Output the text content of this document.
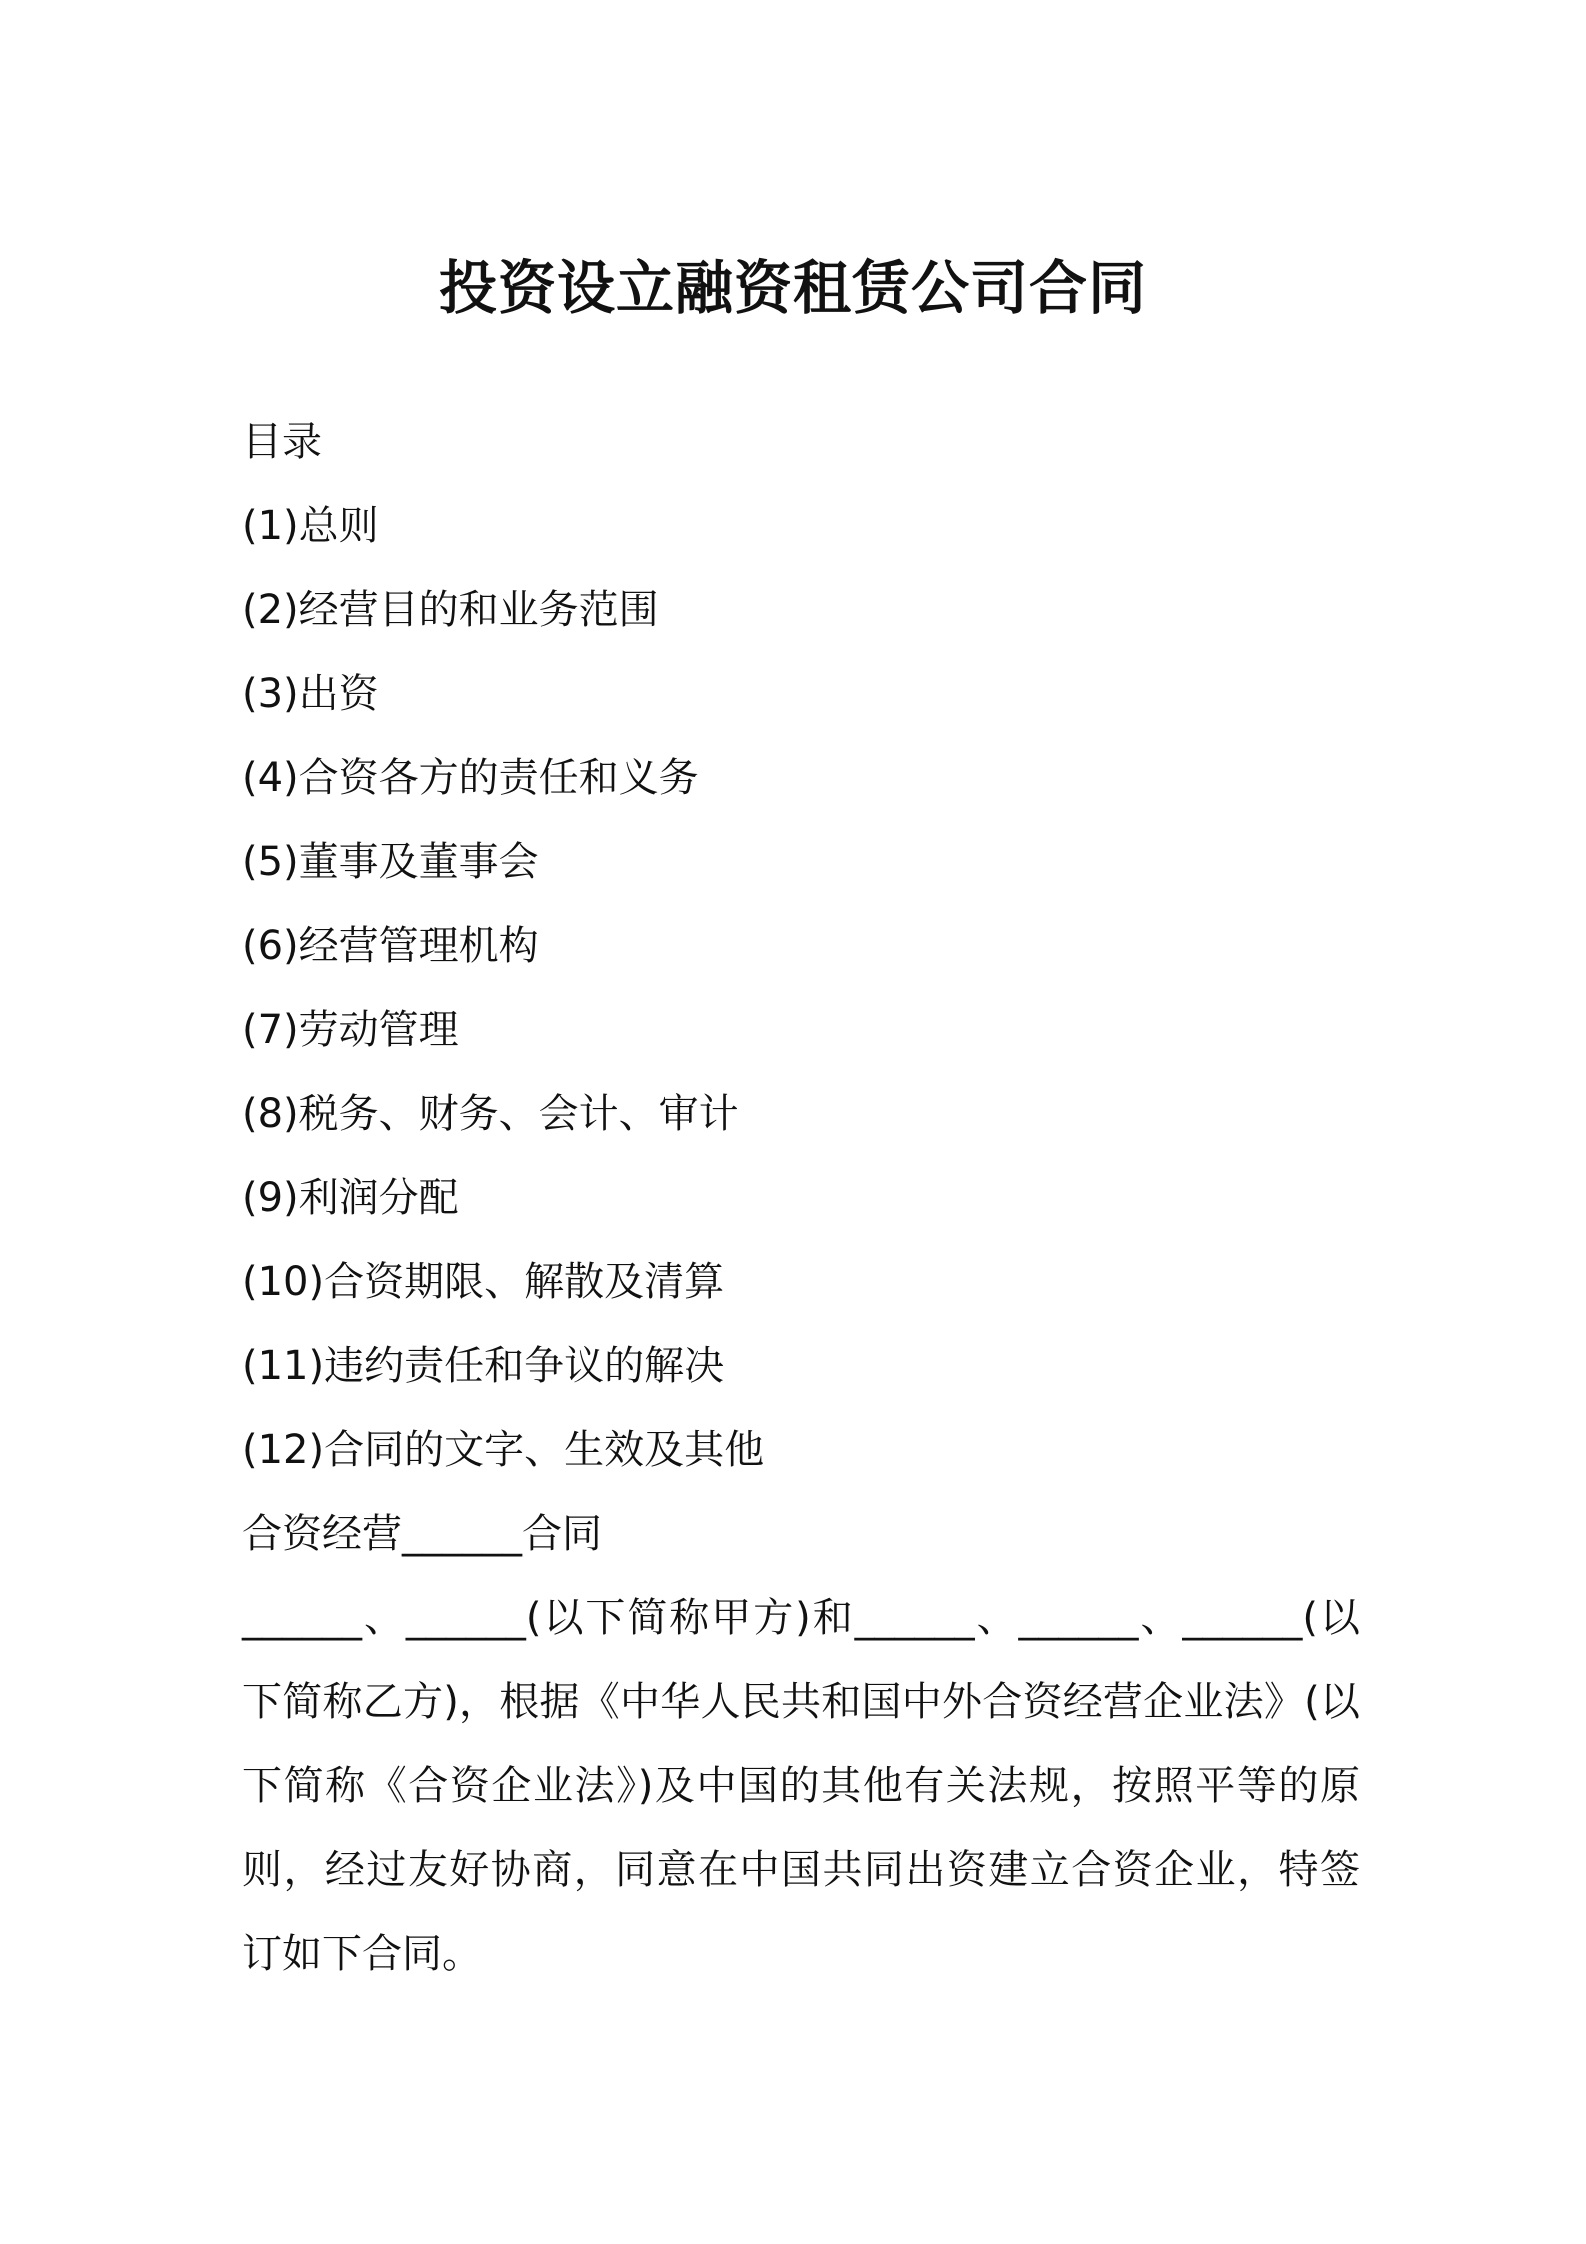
投资设立融资租赁公司合同
目录
(1)总则
(2)经营目的和业务范围
(3)出资
(4)合资各方的责任和义务
(5)董事及董事会
(6)经营管理机构
(7)劳动管理
(8)税务、财务、会计、审计
(9)利润分配
(10)合资期限、解散及清算
(11)违约责任和争议的解决
(12)合同的文字、生效及其他
合资经营______合同

______、______(以下简称甲方)和______、______、______(以下简称乙方)，根据《中华人民共和国中外合资经营企业法》(以下简称《合资企业法》)及中国的其他有关法规，按照平等的原则，经过友好协商，同意在中国共同出资建立合资企业，特签订如下合同。
